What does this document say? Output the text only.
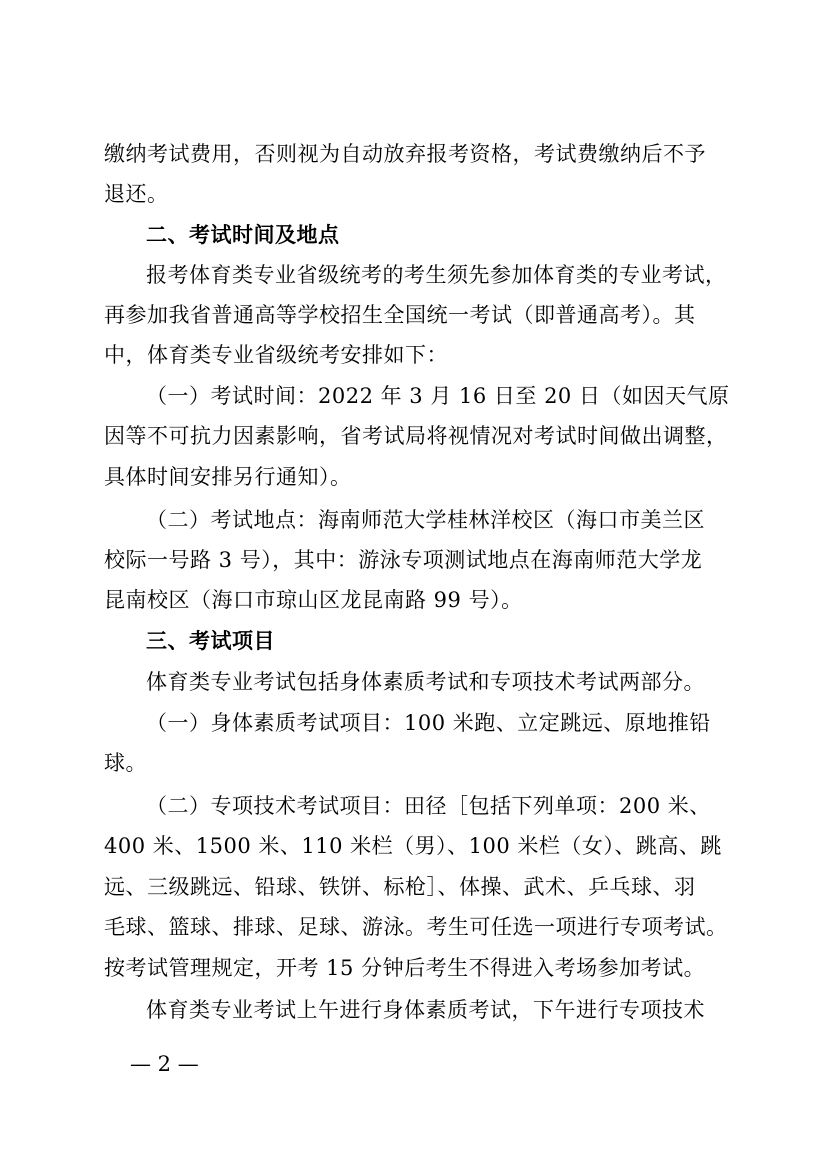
缴纳考试费用，否则视为自动放弃报考资格，考试费缴纳后不予
退还。
二、考试时间及地点
报考体育类专业省级统考的考生须先参加体育类的专业考试，
再参加我省普通高等学校招生全国统一考试（即普通高考）。其
中，体育类专业省级统考安排如下：
（一）考试时间：2022 年 3 月 16 日至 20 日（如因天气原
因等不可抗力因素影响，省考试局将视情况对考试时间做出调整，
具体时间安排另行通知）。
（二）考试地点：海南师范大学桂林洋校区（海口市美兰区
校际一号路 3 号），其中：游泳专项测试地点在海南师范大学龙
昆南校区（海口市琼山区龙昆南路 99 号）。
三、考试项目
体育类专业考试包括身体素质考试和专项技术考试两部分。
（一）身体素质考试项目：100 米跑、立定跳远、原地推铅
球。
（二）专项技术考试项目：田径［包括下列单项：200 米、
400 米、1500 米、110 米栏（男）、100 米栏（女）、跳高、跳
远、三级跳远、铅球、铁饼、标枪］、体操、武术、乒乓球、羽
毛球、篮球、排球、足球、游泳。考生可任选一项进行专项考试。
按考试管理规定，开考 15 分钟后考生不得进入考场参加考试。
体育类专业考试上午进行身体素质考试，下午进行专项技术
— 2 —
